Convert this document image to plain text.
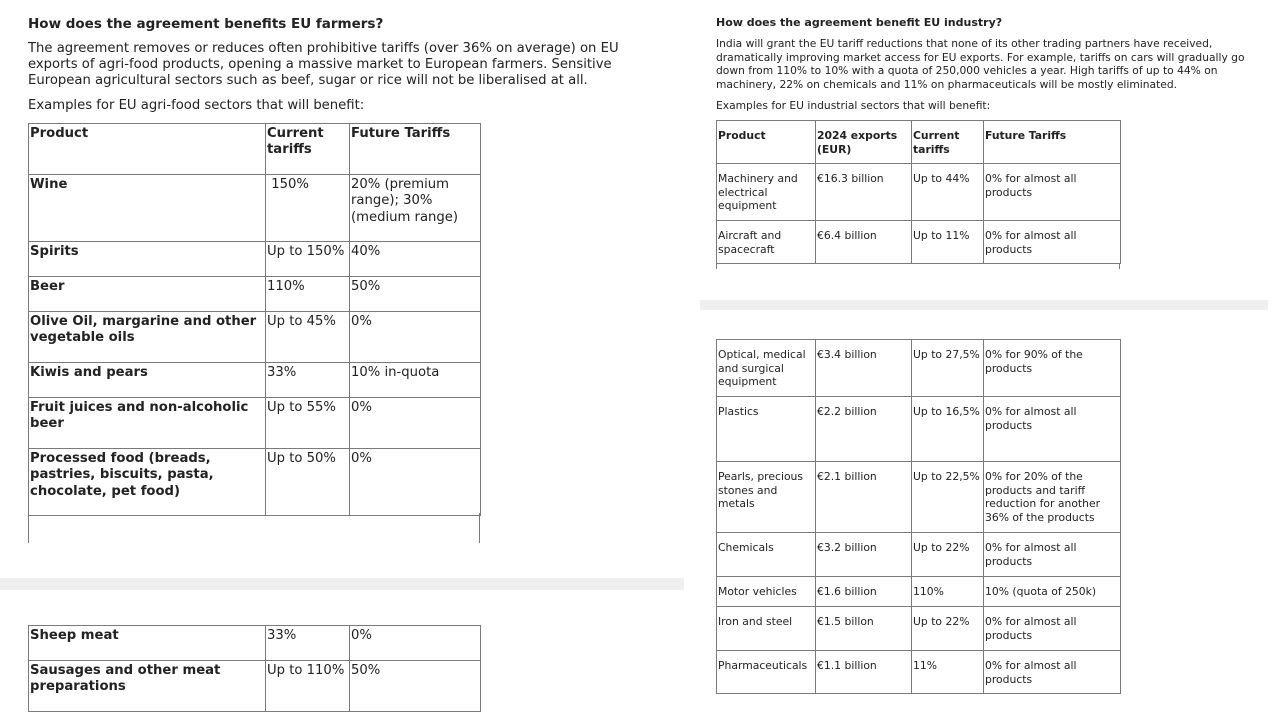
How does the agreement benefits EU farmers?

The agreement removes or reduces often prohibitive tariffs (over 36% on average) on EU exports of agri-food products, opening a massive market to European farmers. Sensitive European agricultural sectors such as beef, sugar or rice will not be liberalised at all.

Examples for EU agri-food sectors that will benefit:

Product	Current tariffs	Future Tariffs
Wine	150%	20% (premium range); 30% (medium range)
Spirits	Up to 150%	40%
Beer	110%	50%
Olive Oil, margarine and other vegetable oils	Up to 45%	0%
Kiwis and pears	33%	10% in-quota
Fruit juices and non-alcoholic beer	Up to 55%	0%
Processed food (breads, pastries, biscuits, pasta, chocolate, pet food)	Up to 50%	0%
Sheep meat	33%	0%
Sausages and other meat preparations	Up to 110%	50%
How does the agreement benefit EU industry?

India will grant the EU tariff reductions that none of its other trading partners have received, dramatically improving market access for EU exports. For example, tariffs on cars will gradually go down from 110% to 10% with a quota of 250,000 vehicles a year. High tariffs of up to 44% on machinery, 22% on chemicals and 11% on pharmaceuticals will be mostly eliminated.

Examples for EU industrial sectors that will benefit:

Product	2024 exports (EUR)	Current tariffs	Future Tariffs
Machinery and electrical equipment	€16.3 billion	Up to 44%	0% for almost all products
Aircraft and spacecraft	€6.4 billion	Up to 11%	0% for almost all products
Optical, medical and surgical equipment	€3.4 billion	Up to 27,5%	0% for 90% of the products
Plastics	€2.2 billion	Up to 16,5%	0% for almost all products
Pearls, precious stones and metals	€2.1 billion	Up to 22,5%	0% for 20% of the products and tariff reduction for another 36% of the products
Chemicals	€3.2 billion	Up to 22%	0% for almost all products
Motor vehicles	€1.6 billion	110%	10% (quota of 250k)
Iron and steel	€1.5 billon	Up to 22%	0% for almost all products
Pharmaceuticals	€1.1 billion	11%	0% for almost all products
